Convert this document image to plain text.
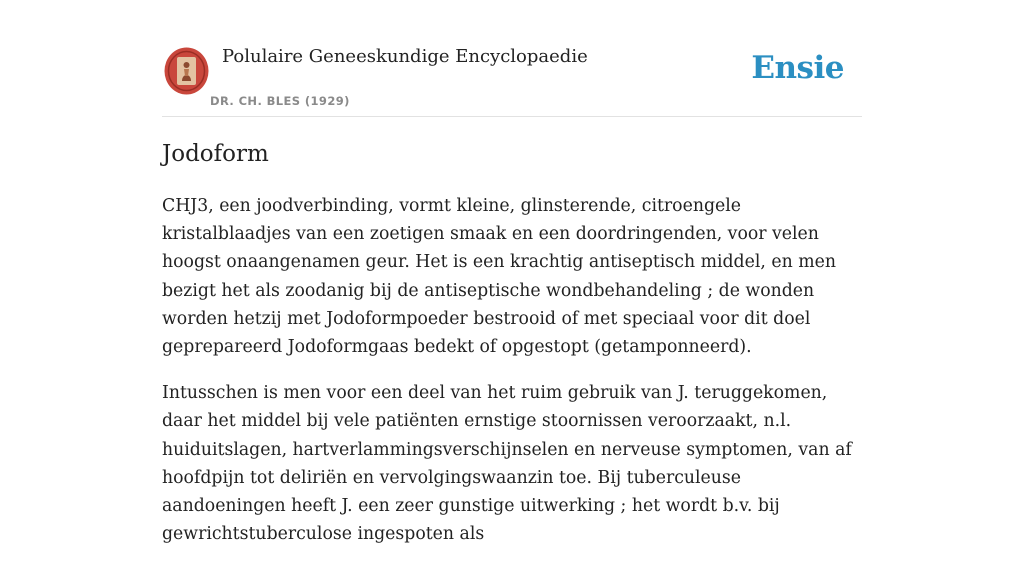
Polulaire Geneeskundige Encyclopaedie
DR. CH. BLES (1929)
Ensie
Jodoform

CHJ3, een joodverbinding, vormt kleine, glinsterende, citroengele kristalblaadjes van een zoetigen smaak en een doordringenden, voor velen hoogst onaangenamen geur. Het is een krachtig antiseptisch middel, en men bezigt het als zoodanig bij de antiseptische wondbehandeling ; de wonden worden hetzij met Jodoformpoeder bestrooid of met speciaal voor dit doel geprepareerd Jodoformgaas bedekt of opgestopt (getamponneerd).

Intusschen is men voor een deel van het ruim gebruik van J. teruggekomen, daar het middel bij vele patiënten ernstige stoornissen veroorzaakt, n.l. huiduitslagen, hartverlammingsverschijnselen en nerveuse symptomen, van af hoofdpijn tot deliriën en vervolgingswaanzin toe. Bij tuberculeuse aandoeningen heeft J. een zeer gunstige uitwerking ; het wordt b.v. bij gewrichtstuberculose ingespoten als
